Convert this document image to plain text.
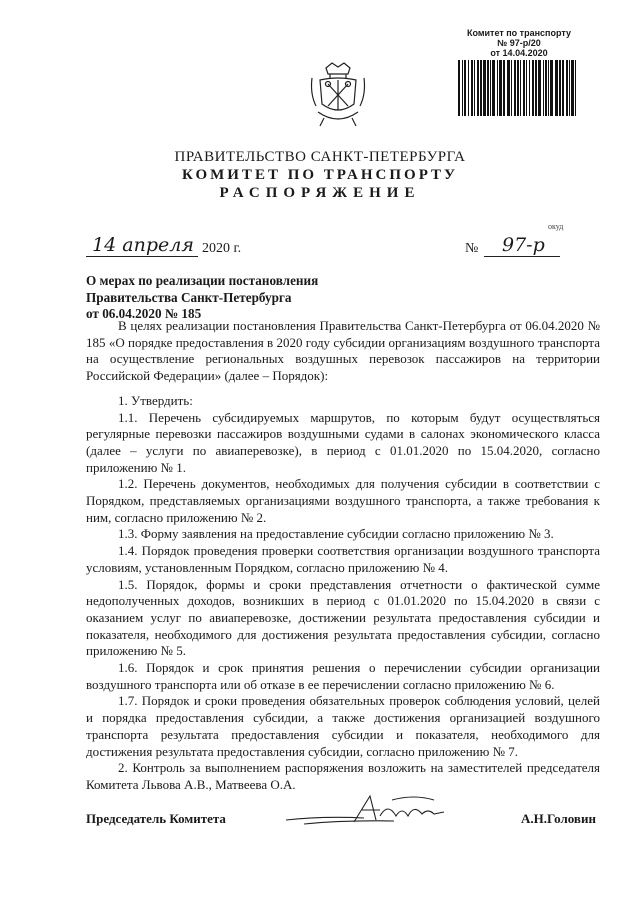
Комитет по транспорту
№ 97-р/20
от 14.04.2020
ПРАВИТЕЛЬСТВО САНКТ-ПЕТЕРБУРГА
КОМИТЕТ ПО ТРАНСПОРТУ
РАСПОРЯЖЕНИЕ
окуд
14 апреля 2020 г.	№	97-р
О мерах по реализации постановления
Правительства Санкт-Петербурга
от 06.04.2020 № 185

В целях реализации постановления Правительства Санкт-Петербурга от 06.04.2020 № 185 «О порядке предоставления в 2020 году субсидии организациям воздушного транспорта на осуществление региональных воздушных перевозок пассажиров на территории Российской Федерации» (далее – Порядок):

1. Утвердить:

1.1. Перечень субсидируемых маршрутов, по которым будут осуществляться регулярные перевозки пассажиров воздушными судами в салонах экономического класса (далее – услуги по авиаперевозке), в период с 01.01.2020 по 15.04.2020, согласно приложению № 1.

1.2. Перечень документов, необходимых для получения субсидии в соответствии с Порядком, представляемых организациями воздушного транспорта, а также требования к ним, согласно приложению № 2.

1.3. Форму заявления на предоставление субсидии согласно приложению № 3.

1.4. Порядок проведения проверки соответствия организации воздушного транспорта условиям, установленным Порядком, согласно приложению № 4.

1.5. Порядок, формы и сроки представления отчетности о фактической сумме недополученных доходов, возникших в период с 01.01.2020 по 15.04.2020 в связи с оказанием услуг по авиаперевозке, достижении результата предоставления субсидии и показателя, необходимого для достижения результата предоставления субсидии, согласно приложению № 5.

1.6. Порядок и срок принятия решения о перечислении субсидии организации воздушного транспорта или об отказе в ее перечислении согласно приложению № 6.

1.7. Порядок и сроки проведения обязательных проверок соблюдения условий, целей и порядка предоставления субсидии, а также достижения организацией воздушного транспорта результата предоставления субсидии и показателя, необходимого для достижения результата предоставления субсидии, согласно приложению № 7.

2. Контроль за выполнением распоряжения возложить на заместителей председателя Комитета Львова А.В., Матвеева О.А.

Председатель Комитета	А.Н.Головин
